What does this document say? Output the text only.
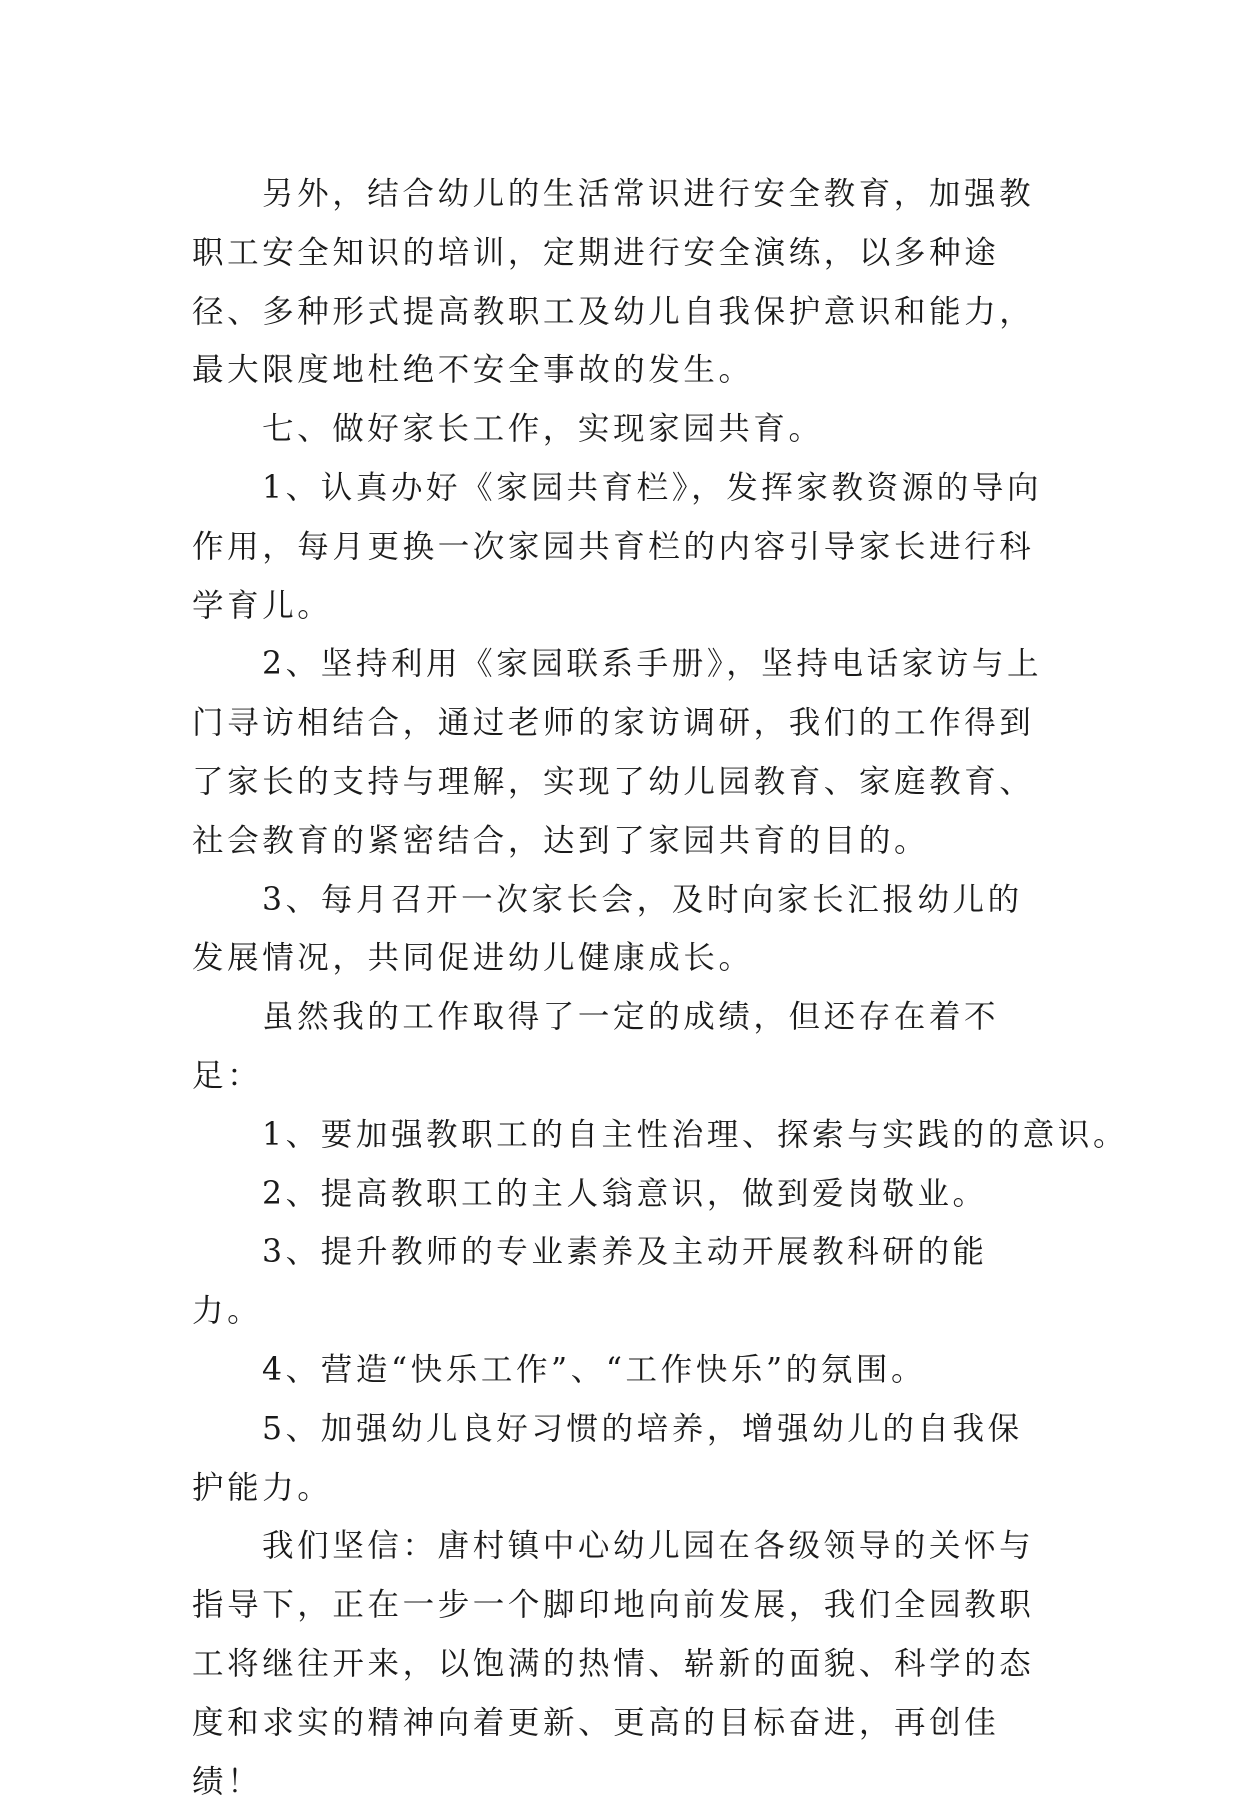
另外，结合幼儿的生活常识进行安全教育，加强教职工安全知识的培训，定期进行安全演练，以多种途径、多种形式提高教职工及幼儿自我保护意识和能力，最大限度地杜绝不安全事故的发生。

七、做好家长工作，实现家园共育。

1、认真办好《家园共育栏》，发挥家教资源的导向作用，每月更换一次家园共育栏的内容引导家长进行科学育儿。

2、坚持利用《家园联系手册》，坚持电话家访与上门寻访相结合，通过老师的家访调研，我们的工作得到了家长的支持与理解，实现了幼儿园教育、家庭教育、社会教育的紧密结合，达到了家园共育的目的。

3、每月召开一次家长会，及时向家长汇报幼儿的发展情况，共同促进幼儿健康成长。

虽然我的工作取得了一定的成绩，但还存在着不足：

1、要加强教职工的自主性治理、探索与实践的的意识。

2、提高教职工的主人翁意识，做到爱岗敬业。

3、提升教师的专业素养及主动开展教科研的能力。

4、营造“快乐工作”、“工作快乐”的氛围。

5、加强幼儿良好习惯的培养，增强幼儿的自我保护能力。

我们坚信：唐村镇中心幼儿园在各级领导的关怀与指导下，正在一步一个脚印地向前发展，我们全园教职工将继往开来，以饱满的热情、崭新的面貌、科学的态度和求实的精神向着更新、更高的目标奋进，再创佳绩！
